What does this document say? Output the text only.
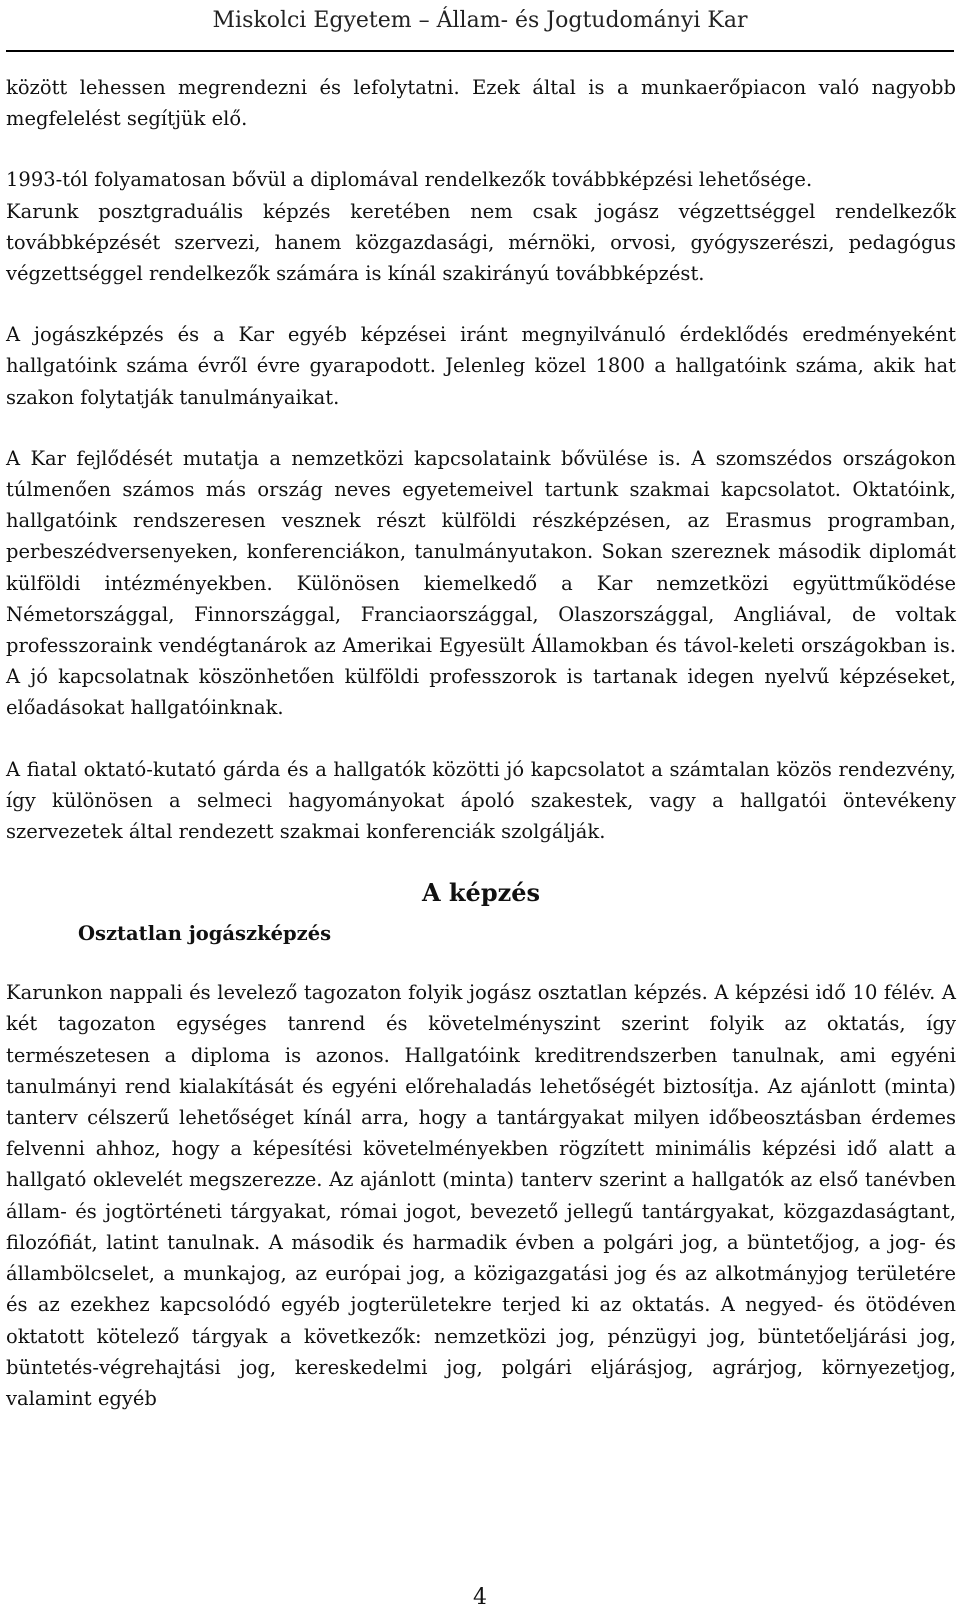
Miskolci Egyetem – Állam- és Jogtudományi Kar

között lehessen megrendezni és lefolytatni. Ezek által is a munkaerőpiacon való nagyobb megfelelést segítjük elő.

1993-tól folyamatosan bővül a diplomával rendelkezők továbbképzési lehetősége.

Karunk posztgraduális képzés keretében nem csak jogász végzettséggel rendelkezők továbbképzését szervezi, hanem közgazdasági, mérnöki, orvosi, gyógyszerészi, pedagógus végzettséggel rendelkezők számára is kínál szakirányú továbbképzést.

A jogászképzés és a Kar egyéb képzései iránt megnyilvánuló érdeklődés eredményeként hallgatóink száma évről évre gyarapodott. Jelenleg közel 1800 a hallgatóink száma, akik hat szakon folytatják tanulmányaikat.

A Kar fejlődését mutatja a nemzetközi kapcsolataink bővülése is. A szomszédos országokon túlmenően számos más ország neves egyetemeivel tartunk szakmai kapcsolatot. Oktatóink, hallgatóink rendszeresen vesznek részt külföldi részképzésen, az Erasmus programban, perbeszédversenyeken, konferenciákon, tanulmányutakon. Sokan szereznek második diplomát külföldi intézményekben. Különösen kiemelkedő a Kar nemzetközi együttműködése Németországgal, Finnországgal, Franciaországgal, Olaszországgal, Angliával, de voltak professzoraink vendégtanárok az Amerikai Egyesült Államokban és távol-keleti országokban is. A jó kapcsolatnak köszönhetően külföldi professzorok is tartanak idegen nyelvű képzéseket, előadásokat hallgatóinknak.

A fiatal oktató-kutató gárda és a hallgatók közötti jó kapcsolatot a számtalan közös rendezvény, így különösen a selmeci hagyományokat ápoló szakestek, vagy a hallgatói öntevékeny szervezetek által rendezett szakmai konferenciák szolgálják.

A képzés
Osztatlan jogászképzés

Karunkon nappali és levelező tagozaton folyik jogász osztatlan képzés. A képzési idő 10 félév. A két tagozaton egységes tanrend és követelményszint szerint folyik az oktatás, így természetesen a diploma is azonos. Hallgatóink kreditrendszerben tanulnak, ami egyéni tanulmányi rend kialakítását és egyéni előrehaladás lehetőségét biztosítja. Az ajánlott (minta) tanterv célszerű lehetőséget kínál arra, hogy a tantárgyakat milyen időbeosztásban érdemes felvenni ahhoz, hogy a képesítési követelményekben rögzített minimális képzési idő alatt a hallgató oklevelét megszerezze. Az ajánlott (minta) tanterv szerint a hallgatók az első tanévben állam- és jogtörténeti tárgyakat, római jogot, bevezető jellegű tantárgyakat, közgazdaságtant, filozófiát, latint tanulnak. A második és harmadik évben a polgári jog, a büntetőjog, a jog- és állambölcselet, a munkajog, az európai jog, a közigazgatási jog és az alkotmányjog területére és az ezekhez kapcsolódó egyéb jogterületekre terjed ki az oktatás. A negyed- és ötödéven oktatott kötelező tárgyak a következők: nemzetközi jog, pénzügyi jog, büntetőeljárási jog, büntetés-végrehajtási jog, kereskedelmi jog, polgári eljárásjog, agrárjog, környezetjog, valamint egyéb

4
